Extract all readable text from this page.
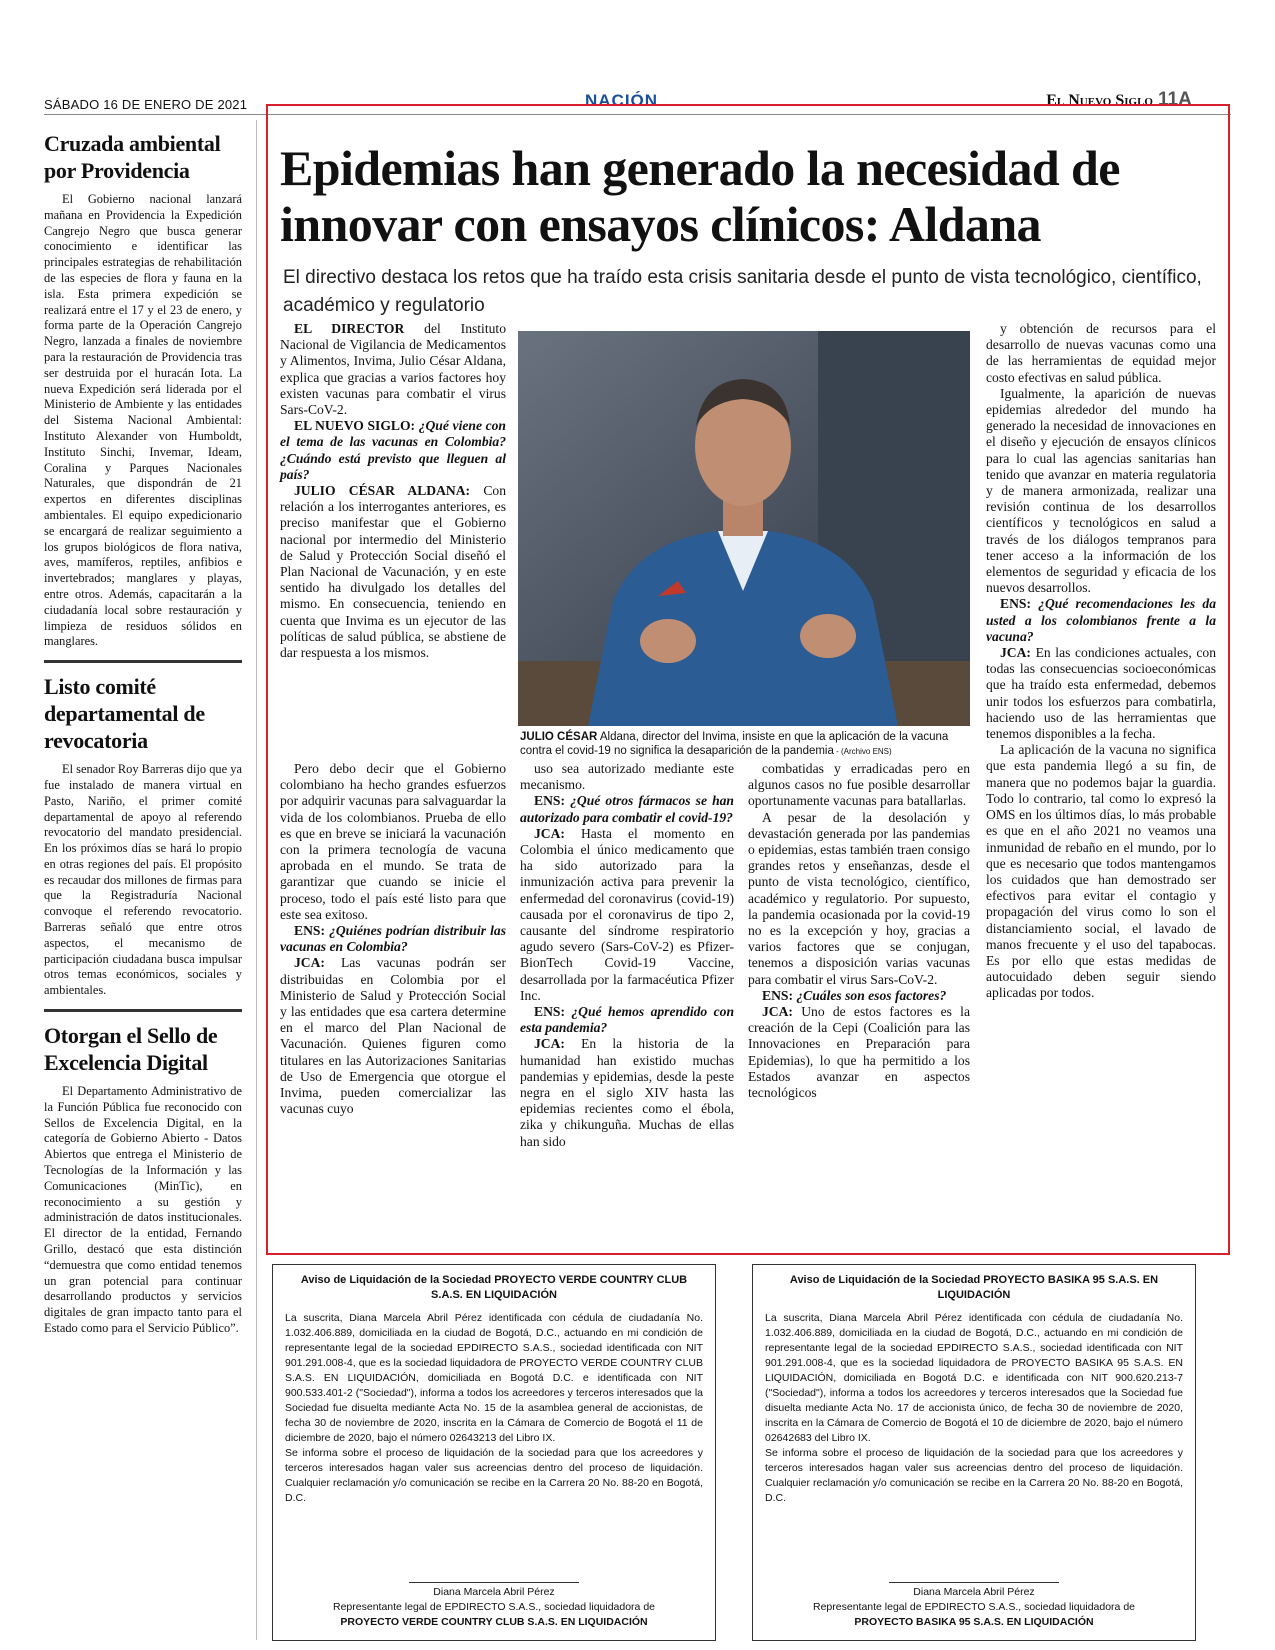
SÁBADO 16 DE ENERO DE 2021	NACIÓN	El Nuevo Siglo 11A
Cruzada ambiental por Providencia
El Gobierno nacional lanzará mañana en Providencia la Expedición Cangrejo Negro que busca generar conocimiento e identificar las principales estrategias de rehabilitación de las especies de flora y fauna en la isla. Esta primera expedición se realizará entre el 17 y el 23 de enero, y forma parte de la Operación Cangrejo Negro, lanzada a finales de noviembre para la restauración de Providencia tras ser destruida por el huracán Iota. La nueva Expedición será liderada por el Ministerio de Ambiente y las entidades del Sistema Nacional Ambiental: Instituto Alexander von Humboldt, Instituto Sinchi, Invemar, Ideam, Coralina y Parques Nacionales Naturales, que dispondrán de 21 expertos en diferentes disciplinas ambientales. El equipo expedicionario se encargará de realizar seguimiento a los grupos biológicos de flora nativa, aves, mamíferos, reptiles, anfibios e invertebrados; manglares y playas, entre otros. Además, capacitarán a la ciudadanía local sobre restauración y limpieza de residuos sólidos en manglares.
Listo comité departamental de revocatoria
El senador Roy Barreras dijo que ya fue instalado de manera virtual en Pasto, Nariño, el primer comité departamental de apoyo al referendo revocatorio del mandato presidencial. En los próximos días se hará lo propio en otras regiones del país. El propósito es recaudar dos millones de firmas para que la Registraduría Nacional convoque el referendo revocatorio. Barreras señaló que entre otros aspectos, el mecanismo de participación ciudadana busca impulsar otros temas económicos, sociales y ambientales.
Otorgan el Sello de Excelencia Digital
El Departamento Administrativo de la Función Pública fue reconocido con Sellos de Excelencia Digital, en la categoría de Gobierno Abierto - Datos Abiertos que entrega el Ministerio de Tecnologías de la Información y las Comunicaciones (MinTic), en reconocimiento a su gestión y administración de datos institucionales. El director de la entidad, Fernando Grillo, destacó que esta distinción “demuestra que como entidad tenemos un gran potencial para continuar desarrollando productos y servicios digitales de gran impacto tanto para el Estado como para el Servicio Público”.
Epidemias han generado la necesidad de innovar con ensayos clínicos: Aldana
El directivo destaca los retos que ha traído esta crisis sanitaria desde el punto de vista tecnológico, científico, académico y regulatorio

EL DIRECTOR del Instituto Nacional de Vigilancia de Medicamentos y Alimentos, Invima, Julio César Aldana, explica que gracias a varios factores hoy existen vacunas para combatir el virus Sars-CoV-2.

EL NUEVO SIGLO: ¿Qué viene con el tema de las vacunas en Colombia? ¿Cuándo está previsto que lleguen al país?

JULIO CÉSAR ALDANA: Con relación a los interrogantes anteriores, es preciso manifestar que el Gobierno nacional por intermedio del Ministerio de Salud y Protección Social diseñó el Plan Nacional de Vacunación, y en este sentido ha divulgado los detalles del mismo. En consecuencia, teniendo en cuenta que Invima es un ejecutor de las políticas de salud pública, se abstiene de dar respuesta a los mismos.

JULIO CÉSAR Aldana, director del Invima, insiste en que la aplicación de la vacuna contra el covid-19 no significa la desaparición de la pandemia - (Archivo ENS)

Pero debo decir que el Gobierno colombiano ha hecho grandes esfuerzos por adquirir vacunas para salvaguardar la vida de los colombianos. Prueba de ello es que en breve se iniciará la vacunación con la primera tecnología de vacuna aprobada en el mundo. Se trata de garantizar que cuando se inicie el proceso, todo el país esté listo para que este sea exitoso.

ENS: ¿Quiénes podrían distribuir las vacunas en Colombia?

JCA: Las vacunas podrán ser distribuidas en Colombia por el Ministerio de Salud y Protección Social y las entidades que esa cartera determine en el marco del Plan Nacional de Vacunación. Quienes figuren como titulares en las Autorizaciones Sanitarias de Uso de Emergencia que otorgue el Invima, pueden comercializar las vacunas cuyo

uso sea autorizado mediante este mecanismo.

ENS: ¿Qué otros fármacos se han autorizado para combatir el covid-19?

JCA: Hasta el momento en Colombia el único medicamento que ha sido autorizado para la inmunización activa para prevenir la enfermedad del coronavirus (covid-19) causada por el coronavirus de tipo 2, causante del síndrome respiratorio agudo severo (Sars-CoV-2) es Pfizer-BionTech Covid-19 Vaccine, desarrollada por la farmacéutica Pfizer Inc.

ENS: ¿Qué hemos aprendido con esta pandemia?

JCA: En la historia de la humanidad han existido muchas pandemias y epidemias, desde la peste negra en el siglo XIV hasta las epidemias recientes como el ébola, zika y chikunguña. Muchas de ellas han sido

combatidas y erradicadas pero en algunos casos no fue posible desarrollar oportunamente vacunas para batallarlas.

A pesar de la desolación y devastación generada por las pandemias o epidemias, estas también traen consigo grandes retos y enseñanzas, desde el punto de vista tecnológico, científico, académico y regulatorio. Por supuesto, la pandemia ocasionada por la covid-19 no es la excepción y hoy, gracias a varios factores que se conjugan, tenemos a disposición varias vacunas para combatir el virus Sars-CoV-2.

ENS: ¿Cuáles son esos factores?

JCA: Uno de estos factores es la creación de la Cepi (Coalición para las Innovaciones en Preparación para Epidemias), lo que ha permitido a los Estados avanzar en aspectos tecnológicos

y obtención de recursos para el desarrollo de nuevas vacunas como una de las herramientas de equidad mejor costo efectivas en salud pública.

Igualmente, la aparición de nuevas epidemias alrededor del mundo ha generado la necesidad de innovaciones en el diseño y ejecución de ensayos clínicos para lo cual las agencias sanitarias han tenido que avanzar en materia regulatoria y de manera armonizada, realizar una revisión continua de los desarrollos científicos y tecnológicos en salud a través de los diálogos tempranos para tener acceso a la información de los elementos de seguridad y eficacia de los nuevos desarrollos.

ENS: ¿Qué recomendaciones les da usted a los colombianos frente a la vacuna?

JCA: En las condiciones actuales, con todas las consecuencias socioeconómicas que ha traído esta enfermedad, debemos unir todos los esfuerzos para combatirla, haciendo uso de las herramientas que tenemos disponibles a la fecha.

La aplicación de la vacuna no significa que esta pandemia llegó a su fin, de manera que no podemos bajar la guardia. Todo lo contrario, tal como lo expresó la OMS en los últimos días, lo más probable es que en el año 2021 no veamos una inmunidad de rebaño en el mundo, por lo que es necesario que todos mantengamos los cuidados que han demostrado ser efectivos para evitar el contagio y propagación del virus como lo son el distanciamiento social, el lavado de manos frecuente y el uso del tapabocas. Es por ello que estas medidas de autocuidado deben seguir siendo aplicadas por todos.

Aviso de Liquidación de la Sociedad PROYECTO VERDE COUNTRY CLUB S.A.S. EN LIQUIDACIÓN
La suscrita, Diana Marcela Abril Pérez identificada con cédula de ciudadanía No. 1.032.406.889, domiciliada en la ciudad de Bogotá, D.C., actuando en mi condición de representante legal de la sociedad EPDIRECTO S.A.S., sociedad identificada con NIT 901.291.008-4, que es la sociedad liquidadora de PROYECTO VERDE COUNTRY CLUB S.A.S. EN LIQUIDACIÓN, domiciliada en Bogotá D.C. e identificada con NIT 900.533.401-2 ("Sociedad"), informa a todos los acreedores y terceros interesados que la Sociedad fue disuelta mediante Acta No. 15 de la asamblea general de accionistas, de fecha 30 de noviembre de 2020, inscrita en la Cámara de Comercio de Bogotá el 11 de diciembre de 2020, bajo el número 02643213 del Libro IX.
Se informa sobre el proceso de liquidación de la sociedad para que los acreedores y terceros interesados hagan valer sus acreencias dentro del proceso de liquidación. Cualquier reclamación y/o comunicación se recibe en la Carrera 20 No. 88-20 en Bogotá, D.C.
Diana Marcela Abril Pérez
Representante legal de EPDIRECTO S.A.S., sociedad liquidadora de
PROYECTO VERDE COUNTRY CLUB S.A.S. EN LIQUIDACIÓN
Aviso de Liquidación de la Sociedad PROYECTO BASIKA 95 S.A.S. EN LIQUIDACIÓN
La suscrita, Diana Marcela Abril Pérez identificada con cédula de ciudadanía No. 1.032.406.889, domiciliada en la ciudad de Bogotá, D.C., actuando en mi condición de representante legal de la sociedad EPDIRECTO S.A.S., sociedad identificada con NIT 901.291.008-4, que es la sociedad liquidadora de PROYECTO BASIKA 95 S.A.S. EN LIQUIDACIÓN, domiciliada en Bogotá D.C. e identificada con NIT 900.620.213-7 ("Sociedad"), informa a todos los acreedores y terceros interesados que la Sociedad fue disuelta mediante Acta No. 17 de accionista único, de fecha 30 de noviembre de 2020, inscrita en la Cámara de Comercio de Bogotá el 10 de diciembre de 2020, bajo el número 02642683 del Libro IX.
Se informa sobre el proceso de liquidación de la sociedad para que los acreedores y terceros interesados hagan valer sus acreencias dentro del proceso de liquidación. Cualquier reclamación y/o comunicación se recibe en la Carrera 20 No. 88-20 en Bogotá, D.C.
Diana Marcela Abril Pérez
Representante legal de EPDIRECTO S.A.S., sociedad liquidadora de
PROYECTO BASIKA 95 S.A.S. EN LIQUIDACIÓN
